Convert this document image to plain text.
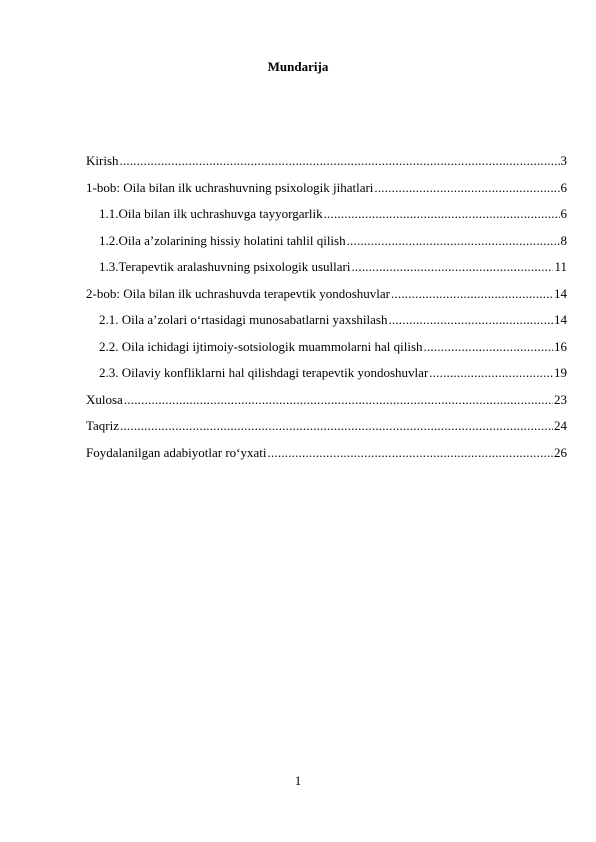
Mundarija
Kirish .....	3
1-bob: Oila bilan ilk uchrashuvning psixologik jihatlari .....	6
1.1. Oila bilan ilk uchrashuvga tayyorgarlik .....	6
1.2. Oila a’zolarining hissiy holatini tahlil qilish .....	8
1.3. Terapevtik aralashuvning psixologik usullari .....	11
2-bob: Oila bilan ilk uchrashuvda terapevtik yondoshuvlar .....	14
2.1. Oila a’zolari oʻrtasidagi munosabatlarni yaxshilash .....	14
2.2. Oila ichidagi ijtimoiy-sotsiologik muammolarni hal qilish .....	16
2.3. Oilaviy konfliklarni hal qilishdagi terapevtik yondoshuvlar .....	19
Xulosa .....	23
Taqriz .....	24
Foydalanilgan adabiyotlar roʻyxati .....	26
1
